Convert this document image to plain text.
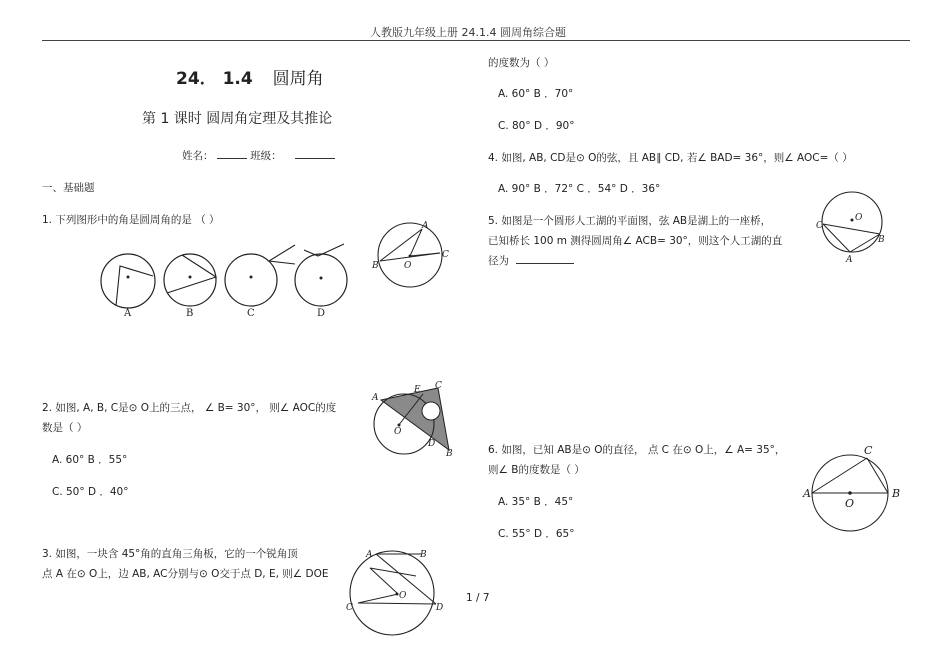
人教版九年级上册 24.1.4 圆周角综合题
24． 1.4 圆周角
第 1 课时 圆周角定理及其推论
姓名：	班级：
一、基础题
1. 下列图形中的角是圆周角的是 （ ）
A	B	C	D
A
B	O
C
2. 如图, A, B, C是⊙ O上的三点， ∠ B= 30°， 则∠ AOC的度
数是（ ）
A. 60° B ．55°
C. 50° D ．40°
A
E C
O
D
B
3. 如图，一块含 45°角的直角三角板，它的一个锐角顶
点 A 在⊙ O上，边 AB, AC分别与⊙ O交于点 D, E, 则∠ DOE
A	B
O
C	D
1 / 7
的度数为（ ）
A. 60° B ．70°
C. 80° D ．90°
4. 如图, AB, CD是⊙ O的弦，且 AB∥ CD, 若∠ BAD= 36°，则∠ AOC=（ ）
A. 90° B ．72° C ．54° D ．36°
5. 如图是一个圆形人工湖的平面图，弦 AB是湖上的一座桥，
已知桥长 100 m 测得圆周角∠ ACB= 30°，则这个人工湖的直
径为
O
C
B
A
6. 如图，已知 AB是⊙ O的直径， 点 C 在⊙ O上，∠ A= 35°，
则∠ B的度数是（ ）
A. 35° B ．45°
C. 55° D ．65°
C
A	B
O
